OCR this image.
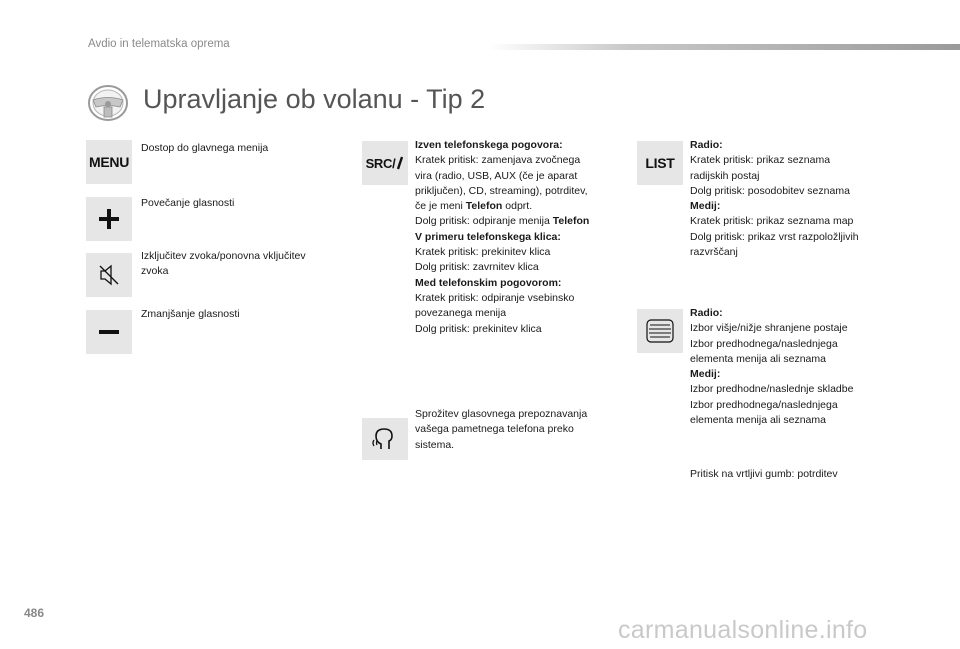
Avdio in telematska oprema
Upravljanje ob volanu - Tip 2
MENU
Dostop do glavnega menija
Povečanje glasnosti
Izključitev zvoka/ponovna vključitev
zvoka
Zmanjšanje glasnosti
SRC/
Izven telefonskega pogovora:
Kratek pritisk: zamenjava zvočnega
vira (radio, USB, AUX (če je aparat
priključen), CD, streaming), potrditev,
če je meni Telefon odprt.
Dolg pritisk: odpiranje menija Telefon
V primeru telefonskega klica:
Kratek pritisk: prekinitev klica
Dolg pritisk: zavrnitev klica
Med telefonskim pogovorom:
Kratek pritisk: odpiranje vsebinsko
povezanega menija
Dolg pritisk: prekinitev klica
Sprožitev glasovnega prepoznavanja
vašega pametnega telefona preko
sistema.
LIST
Radio:
Kratek pritisk: prikaz seznama
radijskih postaj
Dolg pritisk: posodobitev seznama
Medij:
Kratek pritisk: prikaz seznama map
Dolg pritisk: prikaz vrst razpoložljivih
razvrščanj
Radio:
Izbor višje/nižje shranjene postaje
Izbor predhodnega/naslednjega
elementa menija ali seznama
Medij:
Izbor predhodne/naslednje skladbe
Izbor predhodnega/naslednjega
elementa menija ali seznama
Pritisk na vrtljivi gumb: potrditev
486
carmanualsonline.info
